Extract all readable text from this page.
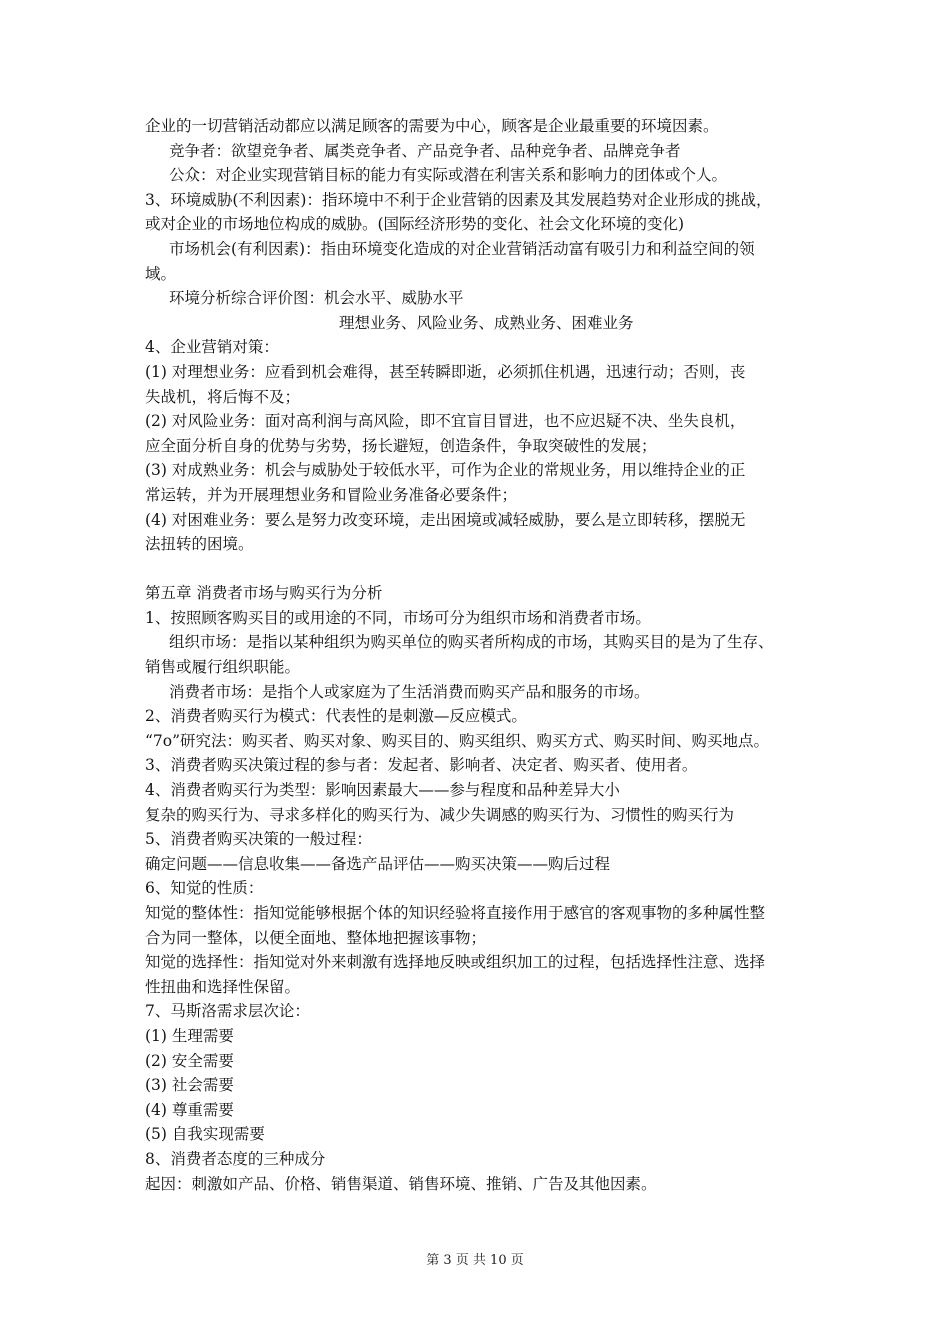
企业的一切营销活动都应以满足顾客的需要为中心，顾客是企业最重要的环境因素。
竞争者：欲望竞争者、属类竞争者、产品竞争者、品种竞争者、品牌竞争者
公众：对企业实现营销目标的能力有实际或潜在利害关系和影响力的团体或个人。
3、环境威胁(不利因素)：指环境中不利于企业营销的因素及其发展趋势对企业形成的挑战，
或对企业的市场地位构成的威胁。(国际经济形势的变化、社会文化环境的变化)
市场机会(有利因素)：指由环境变化造成的对企业营销活动富有吸引力和利益空间的领
域。
环境分析综合评价图：机会水平、威胁水平
理想业务、风险业务、成熟业务、困难业务
4、企业营销对策：
(1) 对理想业务：应看到机会难得，甚至转瞬即逝，必须抓住机遇，迅速行动；否则，丧
失战机，将后悔不及；
(2) 对风险业务：面对高利润与高风险，即不宜盲目冒进，也不应迟疑不决、坐失良机，
应全面分析自身的优势与劣势，扬长避短，创造条件，争取突破性的发展；
(3) 对成熟业务：机会与威胁处于较低水平，可作为企业的常规业务，用以维持企业的正
常运转，并为开展理想业务和冒险业务准备必要条件；
(4) 对困难业务：要么是努力改变环境，走出困境或减轻威胁，要么是立即转移，摆脱无
法扭转的困境。
第五章 消费者市场与购买行为分析
1、按照顾客购买目的或用途的不同，市场可分为组织市场和消费者市场。
组织市场：是指以某种组织为购买单位的购买者所构成的市场，其购买目的是为了生存、
销售或履行组织职能。
消费者市场：是指个人或家庭为了生活消费而购买产品和服务的市场。
2、消费者购买行为模式：代表性的是刺激—反应模式。
“7o”研究法：购买者、购买对象、购买目的、购买组织、购买方式、购买时间、购买地点。
3、消费者购买决策过程的参与者：发起者、影响者、决定者、购买者、使用者。
4、消费者购买行为类型：影响因素最大——参与程度和品种差异大小
复杂的购买行为、寻求多样化的购买行为、减少失调感的购买行为、习惯性的购买行为
5、消费者购买决策的一般过程：
确定问题——信息收集——备选产品评估——购买决策——购后过程
6、知觉的性质：
知觉的整体性：指知觉能够根据个体的知识经验将直接作用于感官的客观事物的多种属性整
合为同一整体，以便全面地、整体地把握该事物；
知觉的选择性：指知觉对外来刺激有选择地反映或组织加工的过程，包括选择性注意、选择
性扭曲和选择性保留。
7、马斯洛需求层次论：
(1) 生理需要
(2) 安全需要
(3) 社会需要
(4) 尊重需要
(5) 自我实现需要
8、消费者态度的三种成分
起因：刺激如产品、价格、销售渠道、销售环境、推销、广告及其他因素。
第 3 页 共 10 页
